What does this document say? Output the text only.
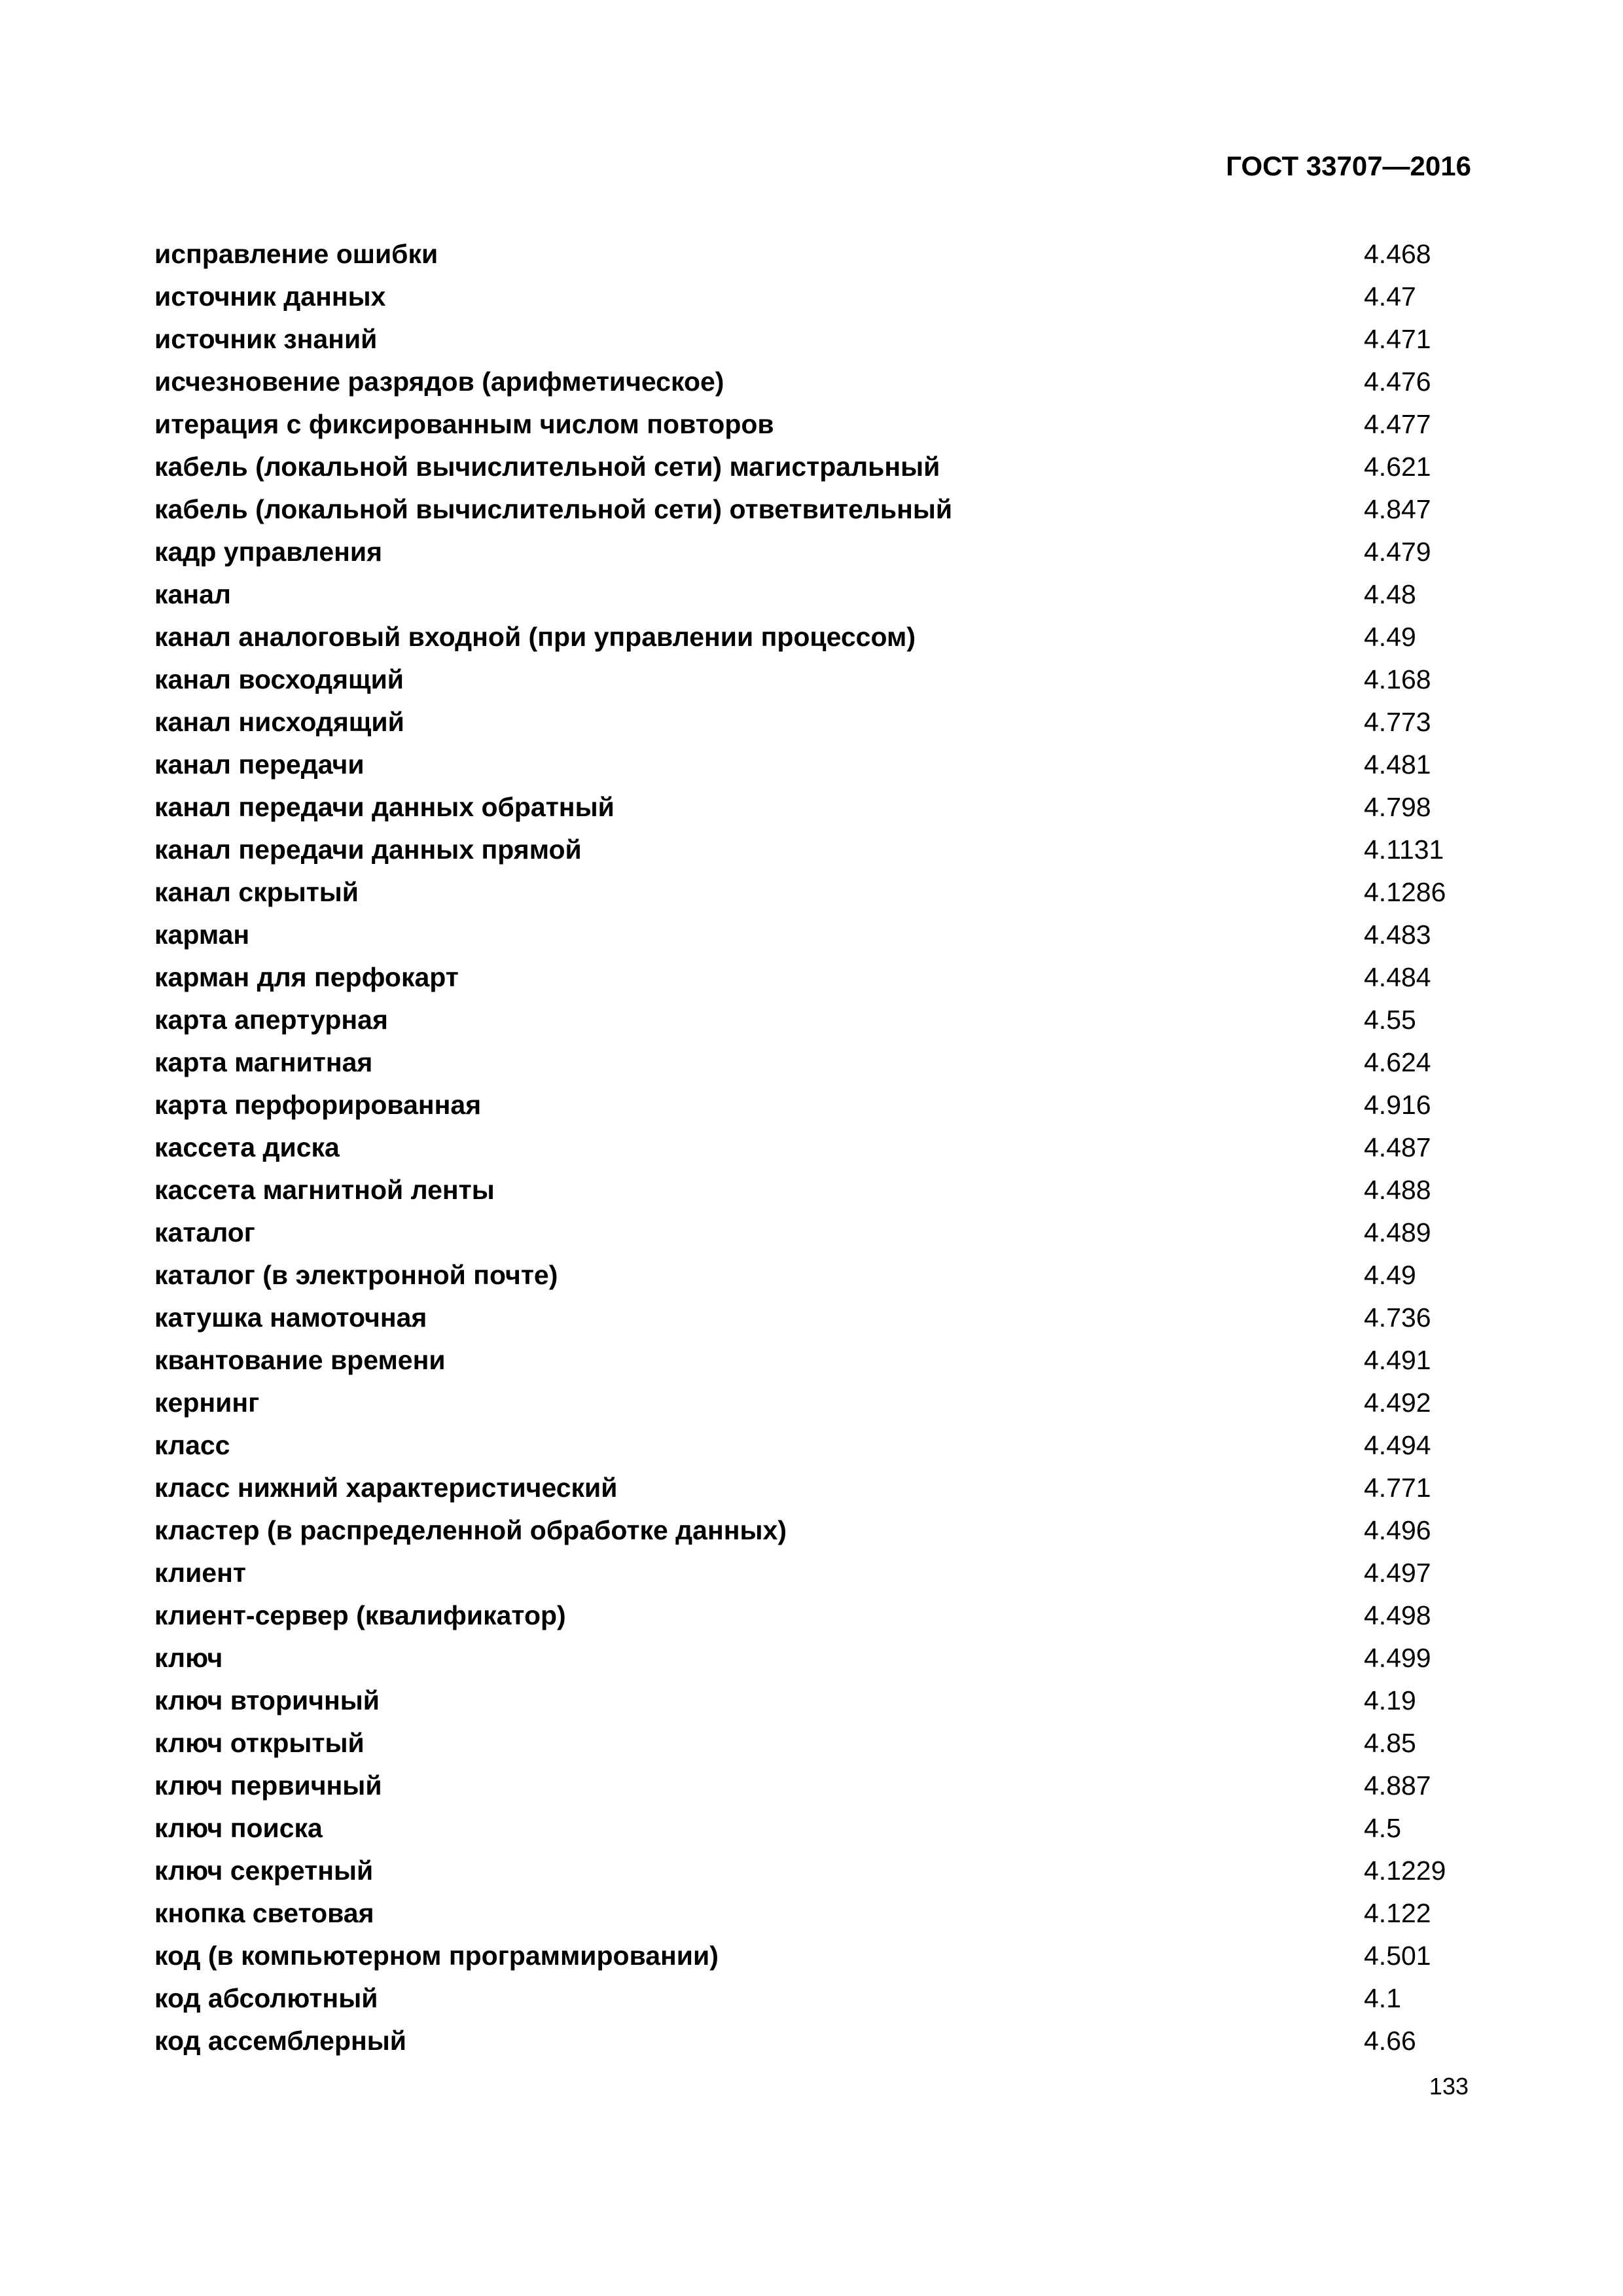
ГОСТ 33707—2016
исправление ошибки	4.468
источник данных	4.47
источник знаний	4.471
исчезновение разрядов (арифметическое)	4.476
итерация с фиксированным числом повторов	4.477
кабель (локальной вычислительной сети) магистральный	4.621
кабель (локальной вычислительной сети) ответвительный	4.847
кадр управления	4.479
канал	4.48
канал аналоговый входной (при управлении процессом)	4.49
канал восходящий	4.168
канал нисходящий	4.773
канал передачи	4.481
канал передачи данных обратный	4.798
канал передачи данных прямой	4.1131
канал скрытый	4.1286
карман	4.483
карман для перфокарт	4.484
карта апертурная	4.55
карта магнитная	4.624
карта перфорированная	4.916
кассета диска	4.487
кассета магнитной ленты	4.488
каталог	4.489
каталог (в электронной почте)	4.49
катушка намоточная	4.736
квантование времени	4.491
кернинг	4.492
класс	4.494
класс нижний характеристический	4.771
кластер (в распределенной обработке данных)	4.496
клиент	4.497
клиент-сервер (квалификатор)	4.498
ключ	4.499
ключ вторичный	4.19
ключ открытый	4.85
ключ первичный	4.887
ключ поиска	4.5
ключ секретный	4.1229
кнопка световая	4.122
код (в компьютерном программировании)	4.501
код абсолютный	4.1
код ассемблерный	4.66
133
